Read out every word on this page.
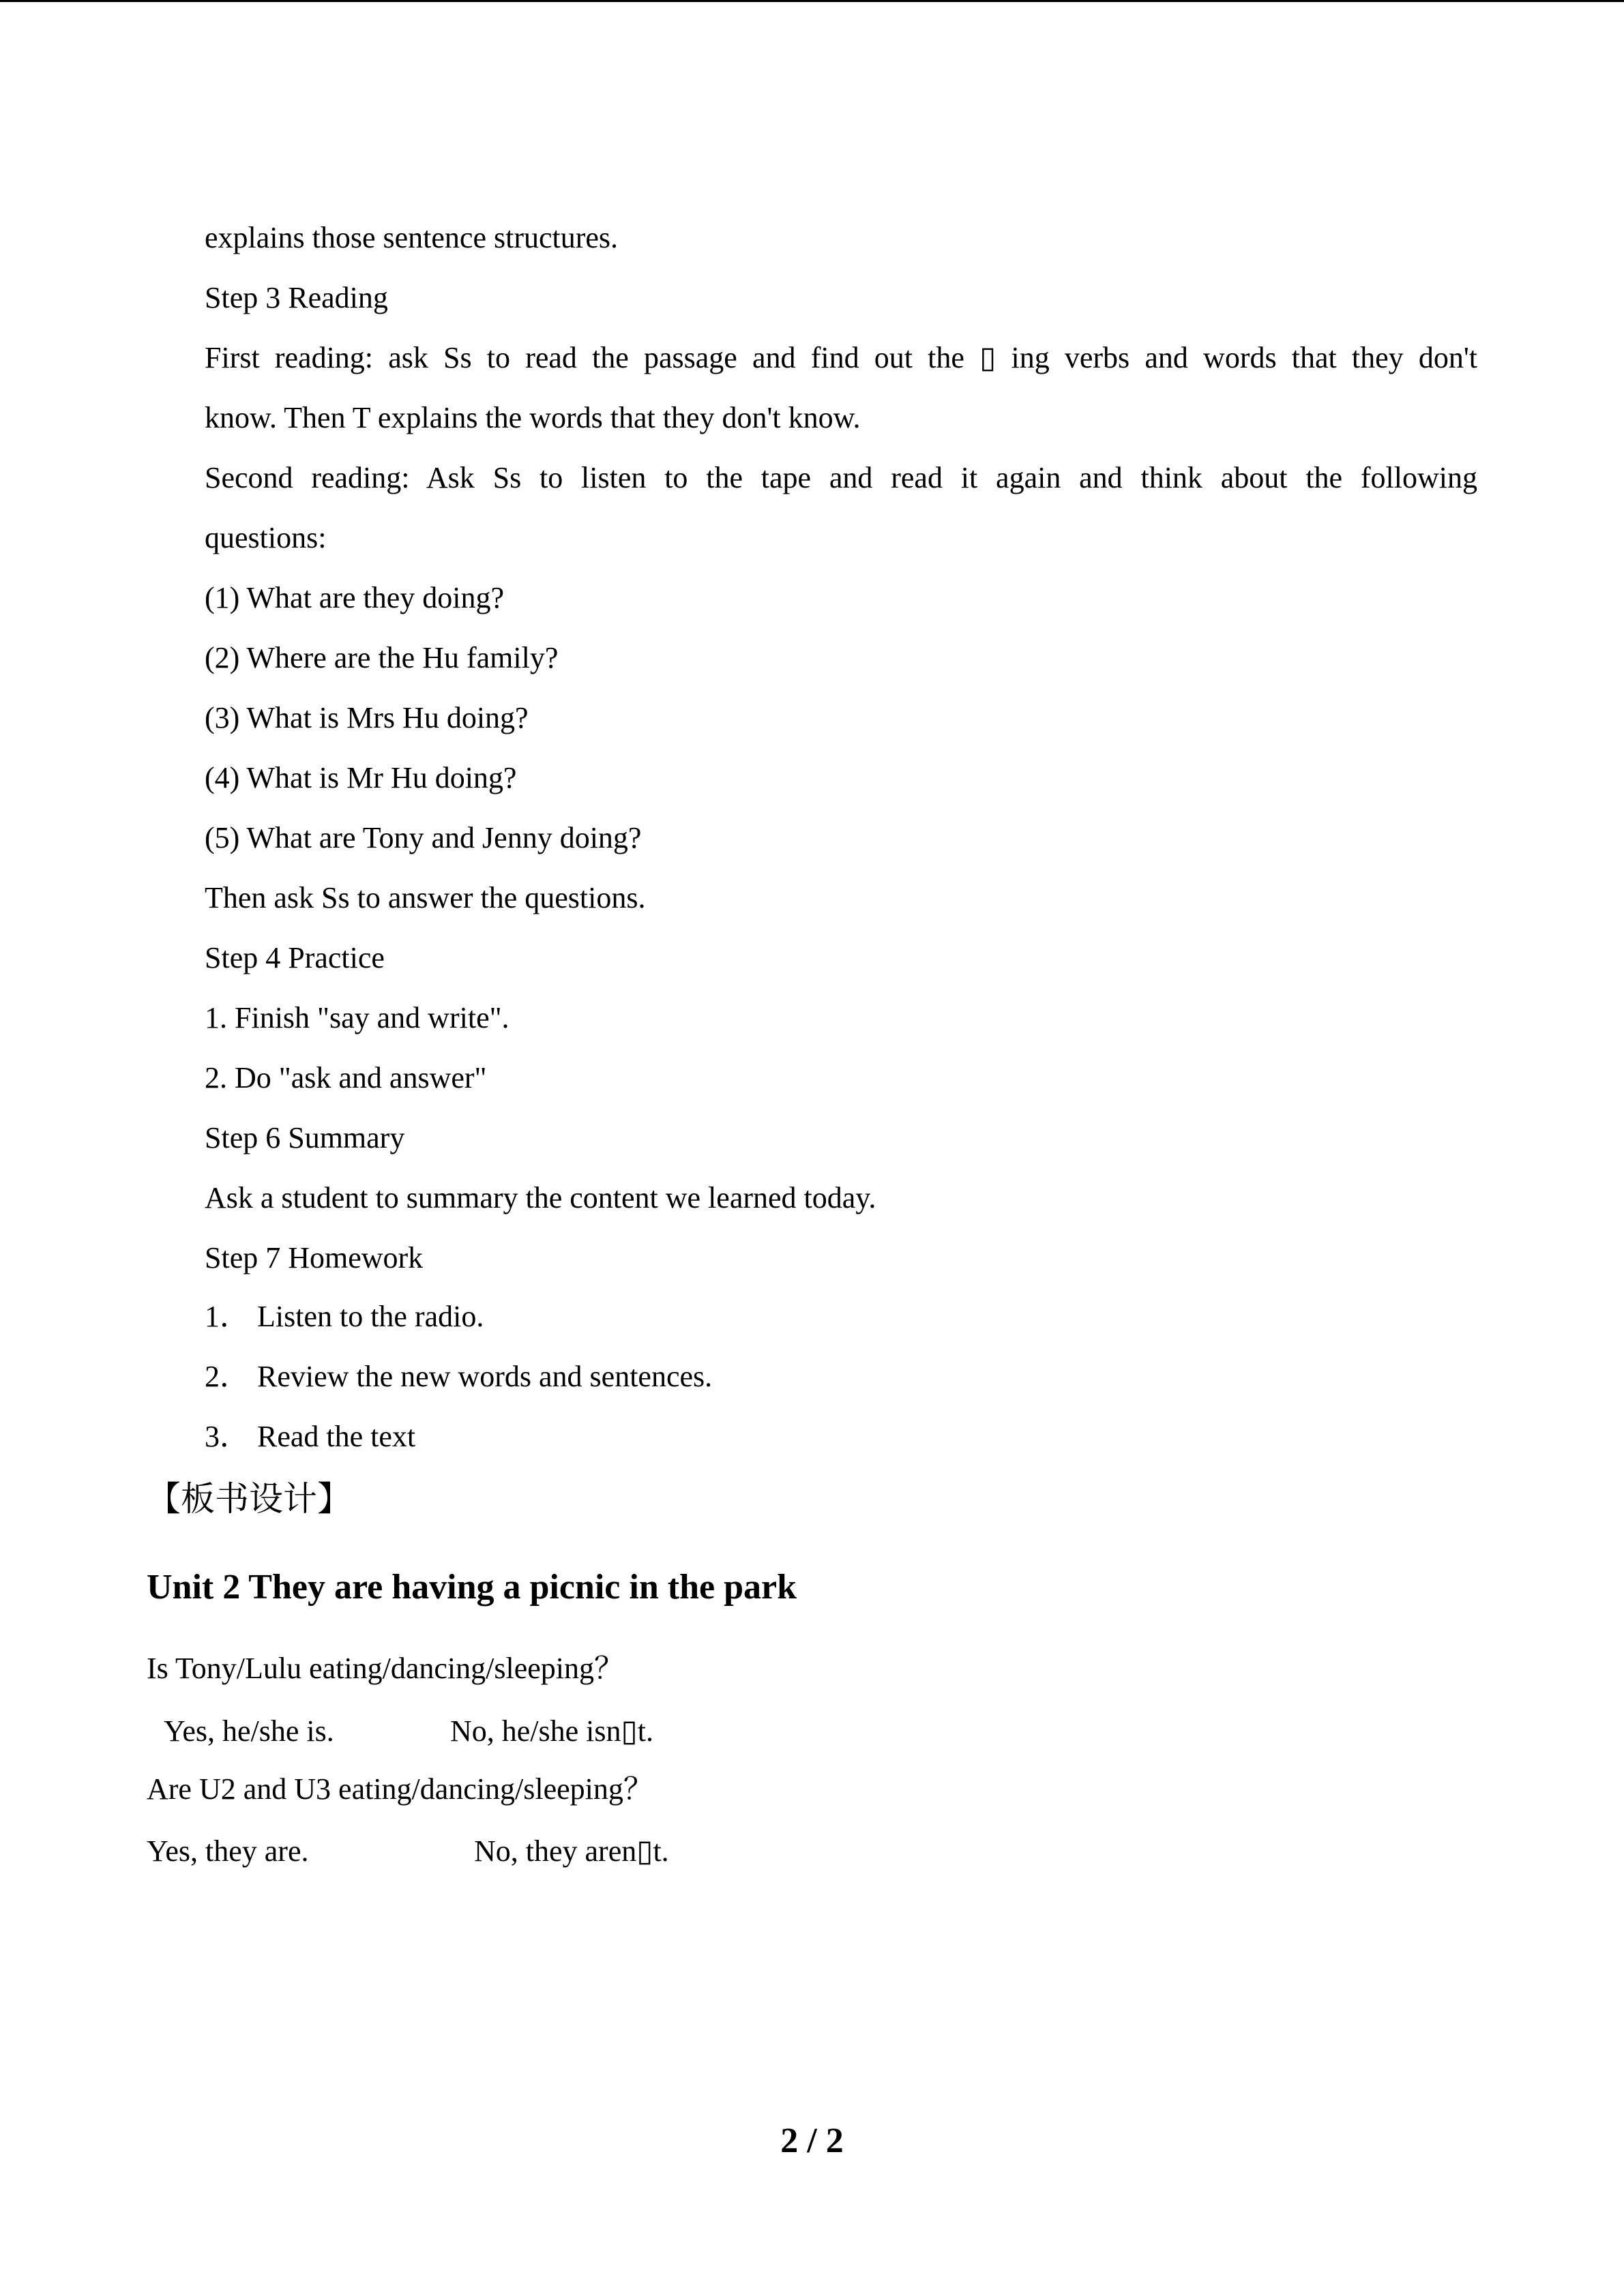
explains those sentence structures.
Step 3 Reading
First reading: ask Ss to read the passage and find out the ▯ ing verbs and words that they don't
know. Then T explains the words that they don't know.
Second reading: Ask Ss to listen to the tape and read it again and think about the following
questions:
(1) What are they doing?
(2) Where are the Hu family?
(3) What is Mrs Hu doing?
(4) What is Mr Hu doing?
(5) What are Tony and Jenny doing?
Then ask Ss to answer the questions.
Step 4 Practice
1. Finish "say and write".
2. Do "ask and answer"
Step 6 Summary
Ask a student to summary the content we learned today.
Step 7 Homework
1． Listen to the radio.
2． Review the new words and sentences.
3． Read the text
【板书设计】
Unit 2 They are having a picnic in the park
Is Tony/Lulu eating/dancing/sleeping？
Yes, he/she is.	No, he/she isn▯t.
Are U2 and U3 eating/dancing/sleeping？
Yes, they are.	No, they aren▯t.
2 / 2
